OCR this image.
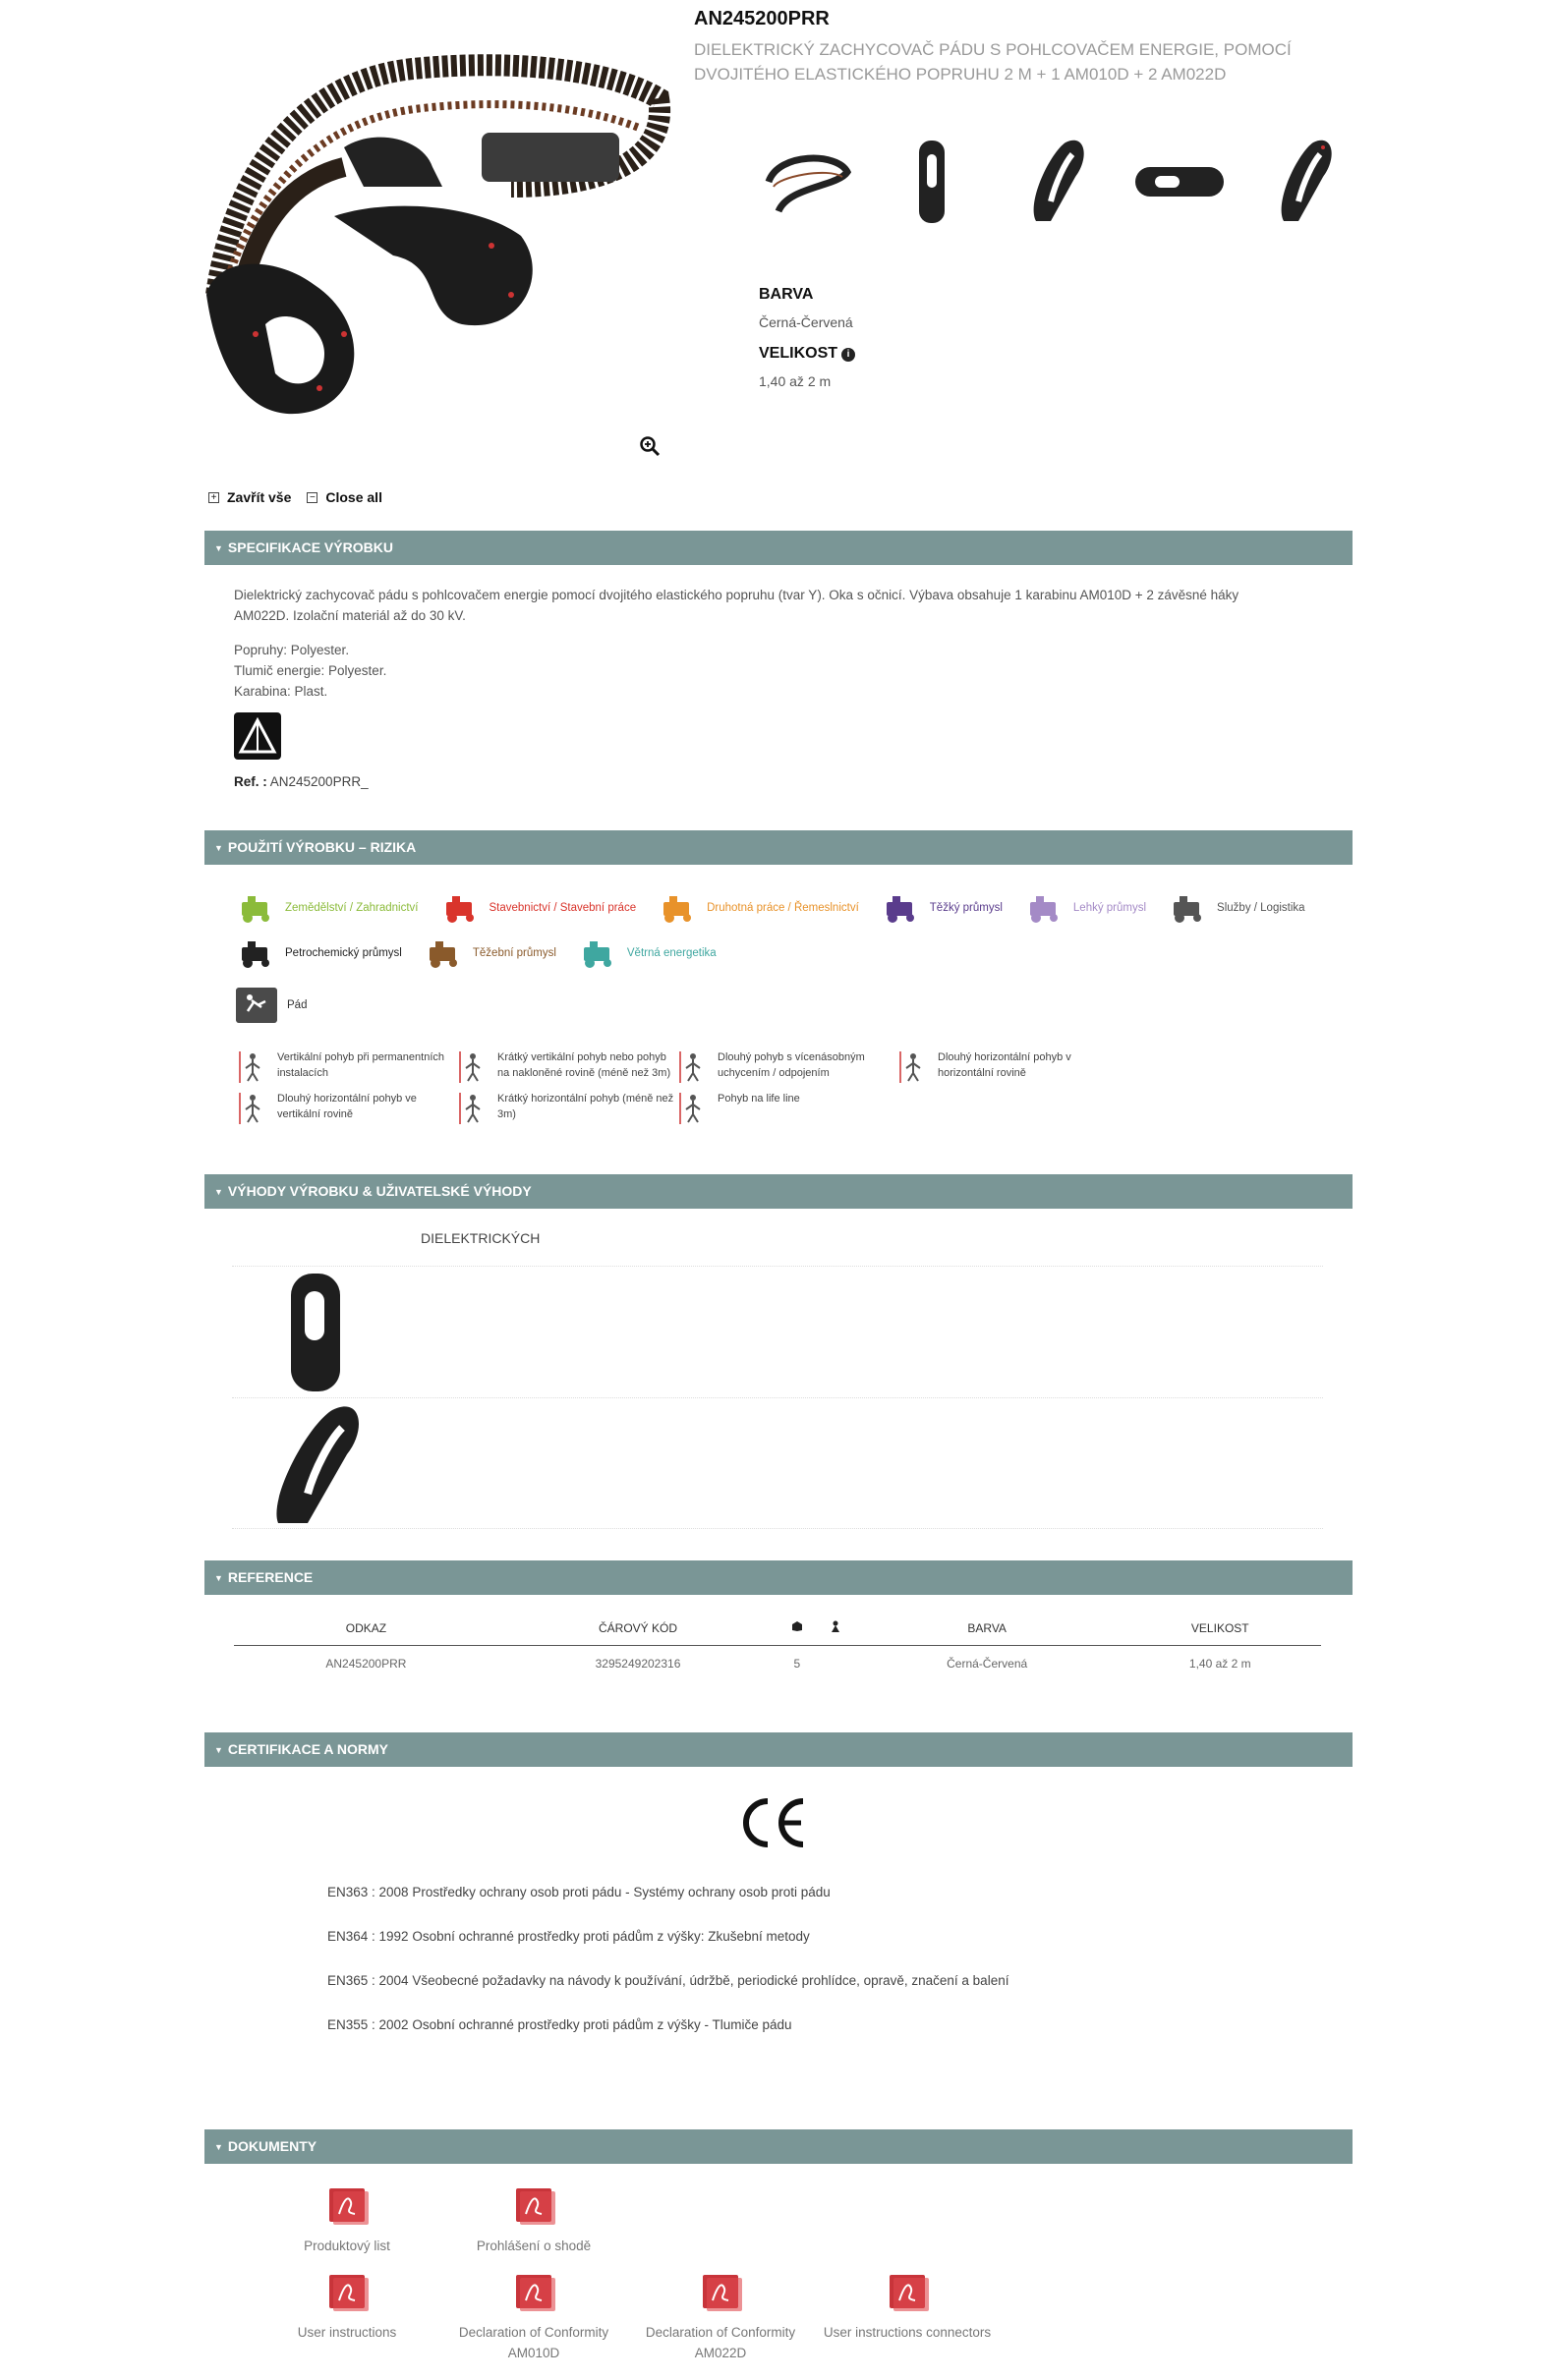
AN245200PRR
DIELEKTRICKÝ ZACHYCOVAČ PÁDU S POHLCOVAČEM ENERGIE, POMOCÍ DVOJITÉHO ELASTICKÉHO POPRUHU 2 M + 1 AM010D + 2 AM022D
BARVA
Černá-Červená
VELIKOST i
1,40 až 2 m
+ Zavřít vše − Close all
▼ SPECIFIKACE VÝROBKU
Dielektrický zachycovač pádu s pohlcovačem energie pomocí dvojitého elastického popruhu (tvar Y). Oka s očnicí. Výbava obsahuje 1 karabinu AM010D + 2 závěsné háky AM022D. Izolační materiál až do 30 kV.
Popruhy: Polyester.
Tlumič energie: Polyester.
Karabina: Plast.
Ref. : AN245200PRR_
▼ POUŽITÍ VÝROBKU – RIZIKA
Zemědělství / Zahradnictví	Stavebnictví / Stavební práce	Druhotná práce / Řemeslnictví	Těžký průmysl	Lehký průmysl	Služby / Logistika
Petrochemický průmysl	Těžební průmysl	Větrná energetika
Pád
Vertikální pohyb při permanentních instalacích
Krátký vertikální pohyb nebo pohyb na nakloněné rovině (méně než 3m)
Dlouhý pohyb s vícenásobným uchycením / odpojením
Dlouhý horizontální pohyb v horizontální rovině
Dlouhý horizontální pohyb ve vertikální rovině
Krátký horizontální pohyb (méně než 3m)
Pohyb na life line
▼ VÝHODY VÝROBKU & UŽIVATELSKÉ VÝHODY
DIELEKTRICKÝCH
▼ REFERENCE
ODKAZ	ČÁROVÝ KÓD			BARVA	VELIKOST
AN245200PRR	3295249202316	5		Černá-Červená	1,40 až 2 m
▼ CERTIFIKACE A NORMY
EN363 : 2008 Prostředky ochrany osob proti pádu - Systémy ochrany osob proti pádu
EN364 : 1992 Osobní ochranné prostředky proti pádům z výšky: Zkušební metody
EN365 : 2004 Všeobecné požadavky na návody k používání, údržbě, periodické prohlídce, opravě, značení a balení
EN355 : 2002 Osobní ochranné prostředky proti pádům z výšky - Tlumiče pádu
▼ DOKUMENTY
Produktový list	Prohlášení o shodě
User instructions	Declaration of Conformity AM010D
Declaration of Conformity AM022D
User instructions connectors
